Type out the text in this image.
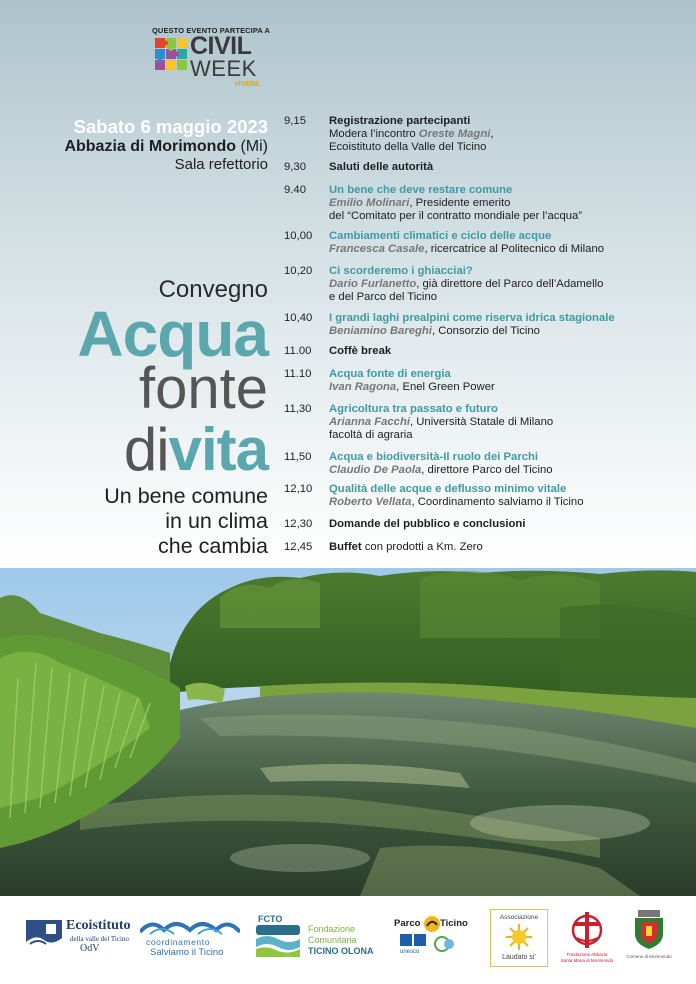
QUESTO EVENTO PARTECIPA A
CIVIL
WEEK
VIVERE
Sabato 6 maggio 2023
Abbazia di Morimondo (Mi)
Sala refettorio
Convegno
Acqua
fonte
divita
Un bene comune
in un clima
che cambia
9,15	Registrazione partecipanti
Modera l’incontro Oreste Magni,
Ecoistituto della Valle del Ticino
9,30	Saluti delle autorità
9.40	Un bene che deve restare comune
Emilio Molinari, Presidente emerito
del “Comitato per il contratto mondiale per l’acqua”
10,00	Cambiamenti climatici e ciclo delle acque
Francesca Casale, ricercatrice al Politecnico di Milano
10,20	Ci scorderemo i ghiacciai?
Dario Furlanetto, già direttore del Parco dell’Adamello
e del Parco del Ticino
10,40	I grandi laghi prealpini come riserva idrica stagionale
Beniamino Bareghi, Consorzio del Ticino
11.00	Coffè break
11.10	Acqua fonte di energia
Ivan Ragona, Enel Green Power
11,30	Agricoltura tra passato e futuro
Arianna Facchi, Università Statale di Milano
facoltà di agraria
11,50	Acqua e biodiversità-Il ruolo dei Parchi
Claudio De Paola, direttore Parco del Ticino
12,10	Qualità delle acque e deflusso minimo vitale
Roberto Vellata, Coordinamento salviamo il Ticino
12,30	Domande del pubblico e conclusioni
12,45	Buffet con prodotti a Km. Zero
Ecoistituto
della valle del Ticino
OdV
coordinamento
Salviamo il Ticino
FCTO
Fondazione
Comunitaria
TICINO OLONA
Parco Ticino
unesco
Associazione
Laudato si’	Fondazione Abbazia
Santa Maria di Morimondo
Comune di Morimondo
